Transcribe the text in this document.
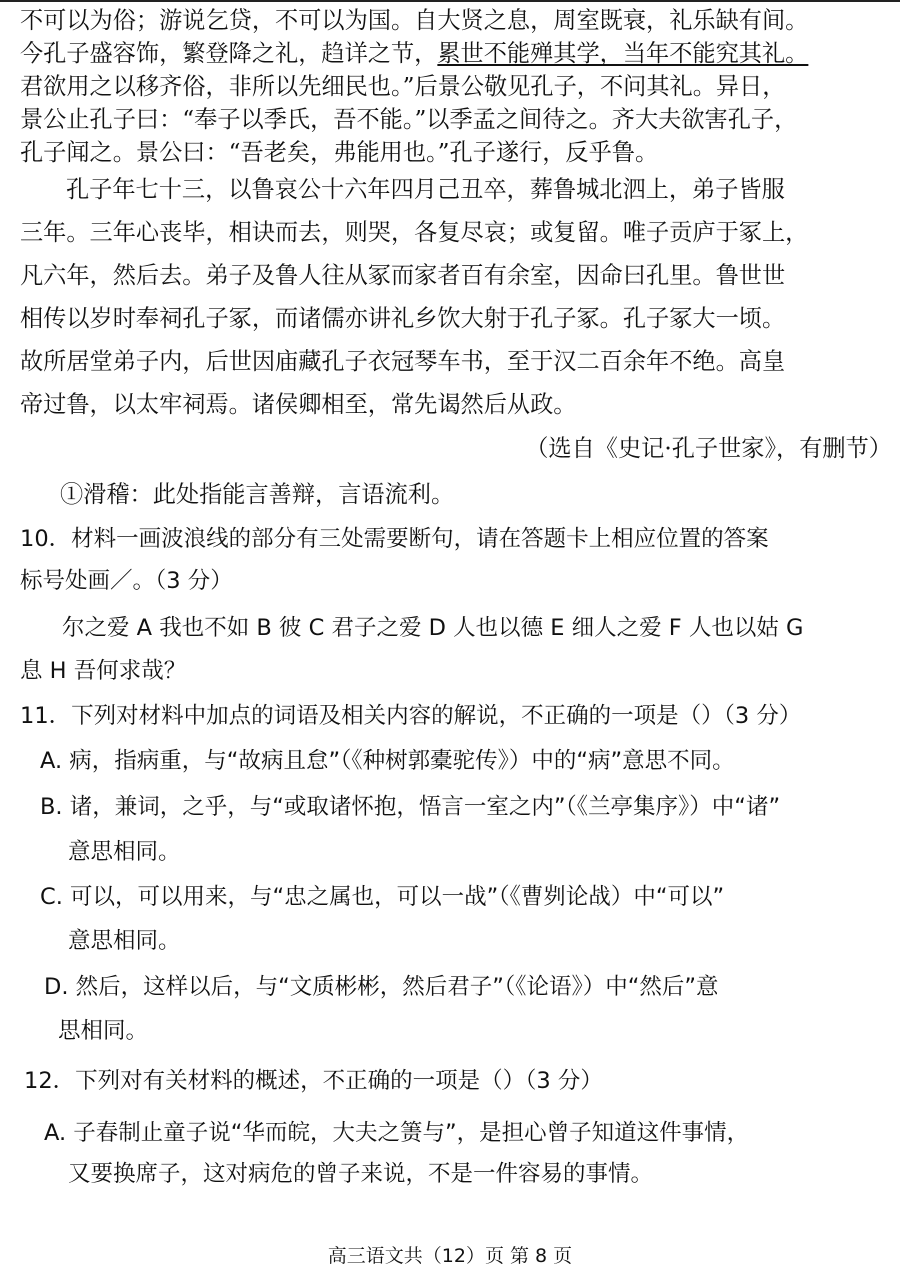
不可以为俗；游说乞贷，不可以为国。自大贤之息，周室既衰，礼乐缺有间。
今孔子盛容饰，繁登降之礼，趋详之节，累世不能殚其学，当年不能究其礼。
君欲用之以移齐俗，非所以先细民也。”后景公敬见孔子，不问其礼。异日，
景公止孔子曰：“奉子以季氏，吾不能。”以季孟之间待之。齐大夫欲害孔子，
孔子闻之。景公曰：“吾老矣，弗能用也。”孔子遂行，反乎鲁。
孔子年七十三，以鲁哀公十六年四月己丑卒，葬鲁城北泗上，弟子皆服
三年。三年心丧毕，相诀而去，则哭，各复尽哀；或复留。唯子贡庐于冢上，
凡六年，然后去。弟子及鲁人往从冢而家者百有余室，因命曰孔里。鲁世世
相传以岁时奉祠孔子冢，而诸儒亦讲礼乡饮大射于孔子冢。孔子冢大一顷。
故所居堂弟子内，后世因庙藏孔子衣冠琴车书，至于汉二百余年不绝。高皇
帝过鲁，以太牢祠焉。诸侯卿相至，常先谒然后从政。
（选自《史记·孔子世家》，有删节）
①滑稽：此处指能言善辩，言语流利。
10．材料一画波浪线的部分有三处需要断句，请在答题卡上相应位置的答案
标号处画／。（3 分）
尔之爱 A 我也不如 B 彼 C 君子之爱 D 人也以德 E 细人之爱 F 人也以姑 G
息 H 吾何求哉？
11．下列对材料中加点的词语及相关内容的解说，不正确的一项是（）（3 分）
A. 病，指病重，与“故病且怠”（《种树郭橐驼传》）中的“病”意思不同。
B. 诸，兼词，之乎，与“或取诸怀抱，悟言一室之内”（《兰亭集序》）中“诸”
意思相同。
C. 可以，可以用来，与“忠之属也，可以一战”（《曹刿论战）中“可以”
意思相同。
D. 然后，这样以后，与“文质彬彬，然后君子”（《论语》）中“然后”意
思相同。
12．下列对有关材料的概述，不正确的一项是（）（3 分）
A. 子春制止童子说“华而皖，大夫之箦与”，是担心曾子知道这件事情，
又要换席子，这对病危的曾子来说，不是一件容易的事情。
高三语文共（12）页 第 8 页
